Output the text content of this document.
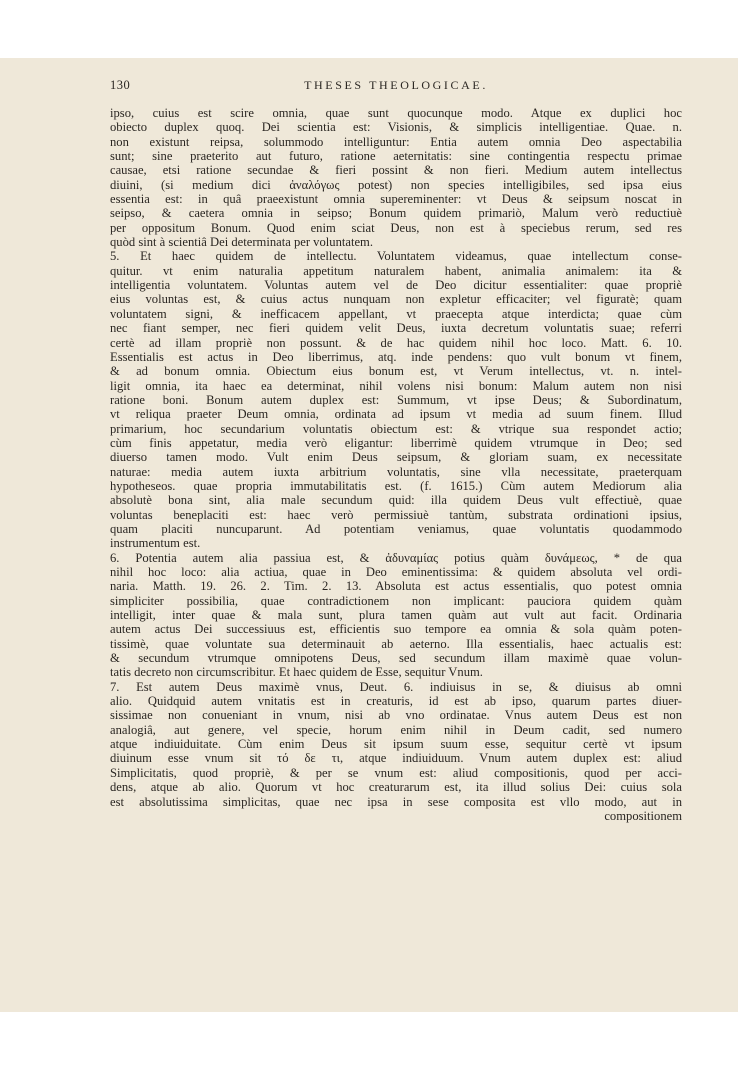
130	THESES THEOLOGICAE.
ipso, cuius est scire omnia, quae sunt quocunque modo. Atque ex duplici hoc
obiecto duplex quoq. Dei scientia est: Visionis, & simplicis intelligentiae. Quae. n.
non existunt reipsa, solummodo intelliguntur: Entia autem omnia Deo aspectabilia
sunt; sine praeterito aut futuro, ratione aeternitatis: sine contingentia respectu primae
causae, etsi ratione secundae & fieri possint & non fieri. Medium autem intellectus
diuini, (si medium dici ἀναλόγως potest) non species intelligibiles, sed ipsa eius
essentia est: in quâ praeexistunt omnia supereminenter: vt Deus & seipsum noscat in
seipso, & caetera omnia in seipso; Bonum quidem primariò, Malum verò reductiuè
per oppositum Bonum. Quod enim sciat Deus, non est à speciebus rerum, sed res
quòd sint à scientiâ Dei determinata per voluntatem.
5. Et haec quidem de intellectu. Voluntatem videamus, quae intellectum conse-
quitur. vt enim naturalia appetitum naturalem habent, animalia animalem: ita &
intelligentia voluntatem. Voluntas autem vel de Deo dicitur essentialiter: quae propriè
eius voluntas est, & cuius actus nunquam non expletur efficaciter; vel figuratè; quam
voluntatem signi, & inefficacem appellant, vt praecepta atque interdicta; quae cùm
nec fiant semper, nec fieri quidem velit Deus, iuxta decretum voluntatis suae; referri
certè ad illam propriè non possunt. & de hac quidem nihil hoc loco. Matt. 6. 10.
Essentialis est actus in Deo liberrimus, atq. inde pendens: quo vult bonum vt finem,
& ad bonum omnia. Obiectum eius bonum est, vt Verum intellectus, vt. n. intel-
ligit omnia, ita haec ea determinat, nihil volens nisi bonum: Malum autem non nisi
ratione boni. Bonum autem duplex est: Summum, vt ipse Deus; & Subordinatum,
vt reliqua praeter Deum omnia, ordinata ad ipsum vt media ad suum finem. Illud
primarium, hoc secundarium voluntatis obiectum est: & vtrique sua respondet actio;
cùm finis appetatur, media verò eligantur: liberrimè quidem vtrumque in Deo; sed
diuerso tamen modo. Vult enim Deus seipsum, & gloriam suam, ex necessitate
naturae: media autem iuxta arbitrium voluntatis, sine vlla necessitate, praeterquam
hypotheseos. quae propria immutabilitatis est. (f. 1615.) Cùm autem Mediorum alia
absolutè bona sint, alia male secundum quid: illa quidem Deus vult effectiuè, quae
voluntas beneplaciti est: haec verò permissiuè tantùm, substrata ordinationi ipsius,
quam placiti nuncuparunt. Ad potentiam veniamus, quae voluntatis quodammodo
instrumentum est.
6. Potentia autem alia passiua est, & ἀδυναμίας potius quàm δυνάμεως, * de qua
nihil hoc loco: alia actiua, quae in Deo eminentissima: & quidem absoluta vel ordi-
naria. Matth. 19. 26. 2. Tim. 2. 13. Absoluta est actus essentialis, quo potest omnia
simpliciter possibilia, quae contradictionem non implicant: pauciora quidem quàm
intelligit, inter quae & mala sunt, plura tamen quàm aut vult aut facit. Ordinaria
autem actus Dei successiuus est, efficientis suo tempore ea omnia & sola quàm poten-
tissimè, quae voluntate sua determinauit ab aeterno. Illa essentialis, haec actualis est:
& secundum vtrumque omnipotens Deus, sed secundum illam maximè quae volun-
tatis decreto non circumscribitur. Et haec quidem de Esse, sequitur Vnum.
7. Est autem Deus maximè vnus, Deut. 6. indiuisus in se, & diuisus ab omni
alio. Quidquid autem vnitatis est in creaturis, id est ab ipso, quarum partes diuer-
sissimae non conueniant in vnum, nisi ab vno ordinatae. Vnus autem Deus est non
analogiâ, aut genere, vel specie, horum enim nihil in Deum cadit, sed numero
atque indiuiduitate. Cùm enim Deus sit ipsum suum esse, sequitur certè vt ipsum
diuinum esse vnum sit τό δε τι, atque indiuiduum. Vnum autem duplex est: aliud
Simplicitatis, quod propriè, & per se vnum est: aliud compositionis, quod per acci-
dens, atque ab alio. Quorum vt hoc creaturarum est, ita illud solius Dei: cuius sola
est absolutissima simplicitas, quae nec ipsa in sese composita est vllo modo, aut in
compositionem
